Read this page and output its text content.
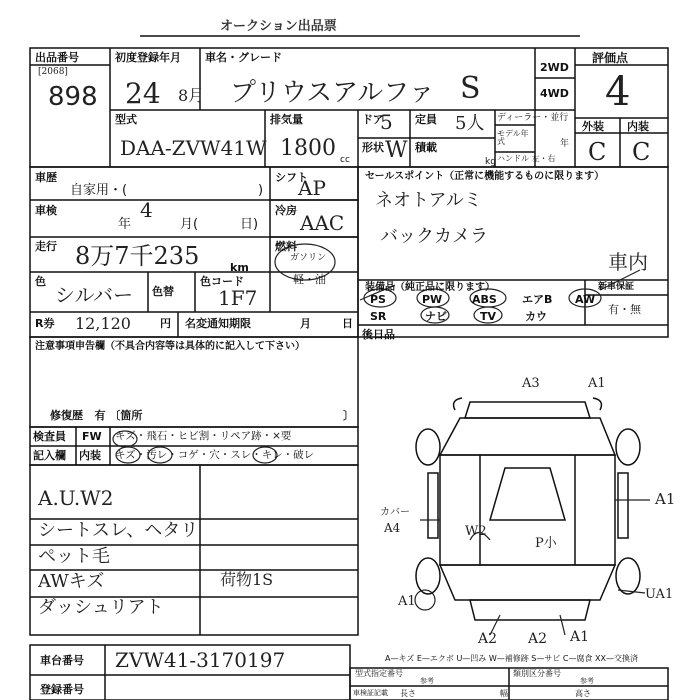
オークション出品票
出品番号
[2068]
898
初度登録年月 車名・グレード
24 8月 プリウスアルファ S
2WD
4WD
評価点
4
型式
DAA-ZVW41W
排気量
1800 cc
ドア
5 定員 5人 ディーラー・並行
モデル年式	年
ハンドル 左・右
形状 W 積載
kg
外装 内装
C C
車歴
自家用・(	)
シフト
AP
車検	4
年	月(	日)
冷房
AAC
走行 8万7千235	km
燃料
ガソリン
軽・油
色
シルバー 色替
色コード
1F7
R券 12,120	円 名変通知期限	月	日
注意事項申告欄（不具合内容等は具体的に記入して下さい）
修復歴 有 〔箇所	〕
検査員 FW キズ・飛石・ヒビ割・リペア跡・×要
記入欄 内装 キズ・汚レ・コゲ・穴・スレ・キレ・破レ
A.U.W2
シートスレ、ヘタリ
ペット毛
AWキズ
ダッシュリアト
荷物1S
セールスポイント（正常に機能するものに限ります）
ネオトアルミ
バックカメラ
車内
装備品（純正品に限ります）
PS	PW	ABS エアB AW
SR	ナビ	TV	カウ
新車保証
有・無
後日品
A3	A1
A1
W2
カバー
A4
P小
UA1
A1
A2 A2 A1
A—キズ E—エクボ U—凹み W—補修跡 S—サビ C—腐食 XX—交換済
車台番号 ZVW41-3170197
登録番号
型式指定番号
参考
類別区分番号
参考
車検証記載 長さ	幅	高さ
